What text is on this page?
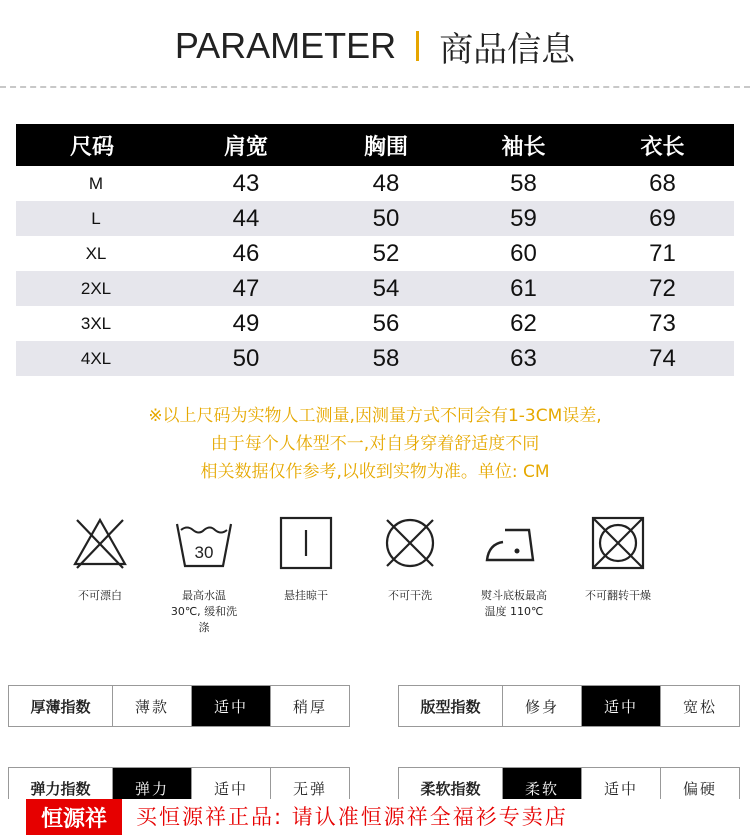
PARAMETER 商品信息
尺码	肩宽	胸围	袖长	衣长
M	43	48	58	68
L	44	50	59	69
XL	46	52	60	71
2XL	47	54	61	72
3XL	49	56	62	73
4XL	50	58	63	74
※以上尺码为实物人工测量,因测量方式不同会有1-3CM误差,
由于每个人体型不一,对自身穿着舒适度不同
相关数据仅作参考,以收到实物为准。单位: CM
不可漂白
30
最高水温 30℃, 缓和洗涤
悬挂晾干	不可干洗	熨斗底板最高温度 110℃
不可翻转干燥
厚薄指数	薄款	适中	稍厚	版型指数	修身	适中	宽松
弹力指数	弹力	适中	无弹	柔软指数	柔软	适中	偏硬
恒源祥	买恒源祥正品: 请认准恒源祥全福衫专卖店
